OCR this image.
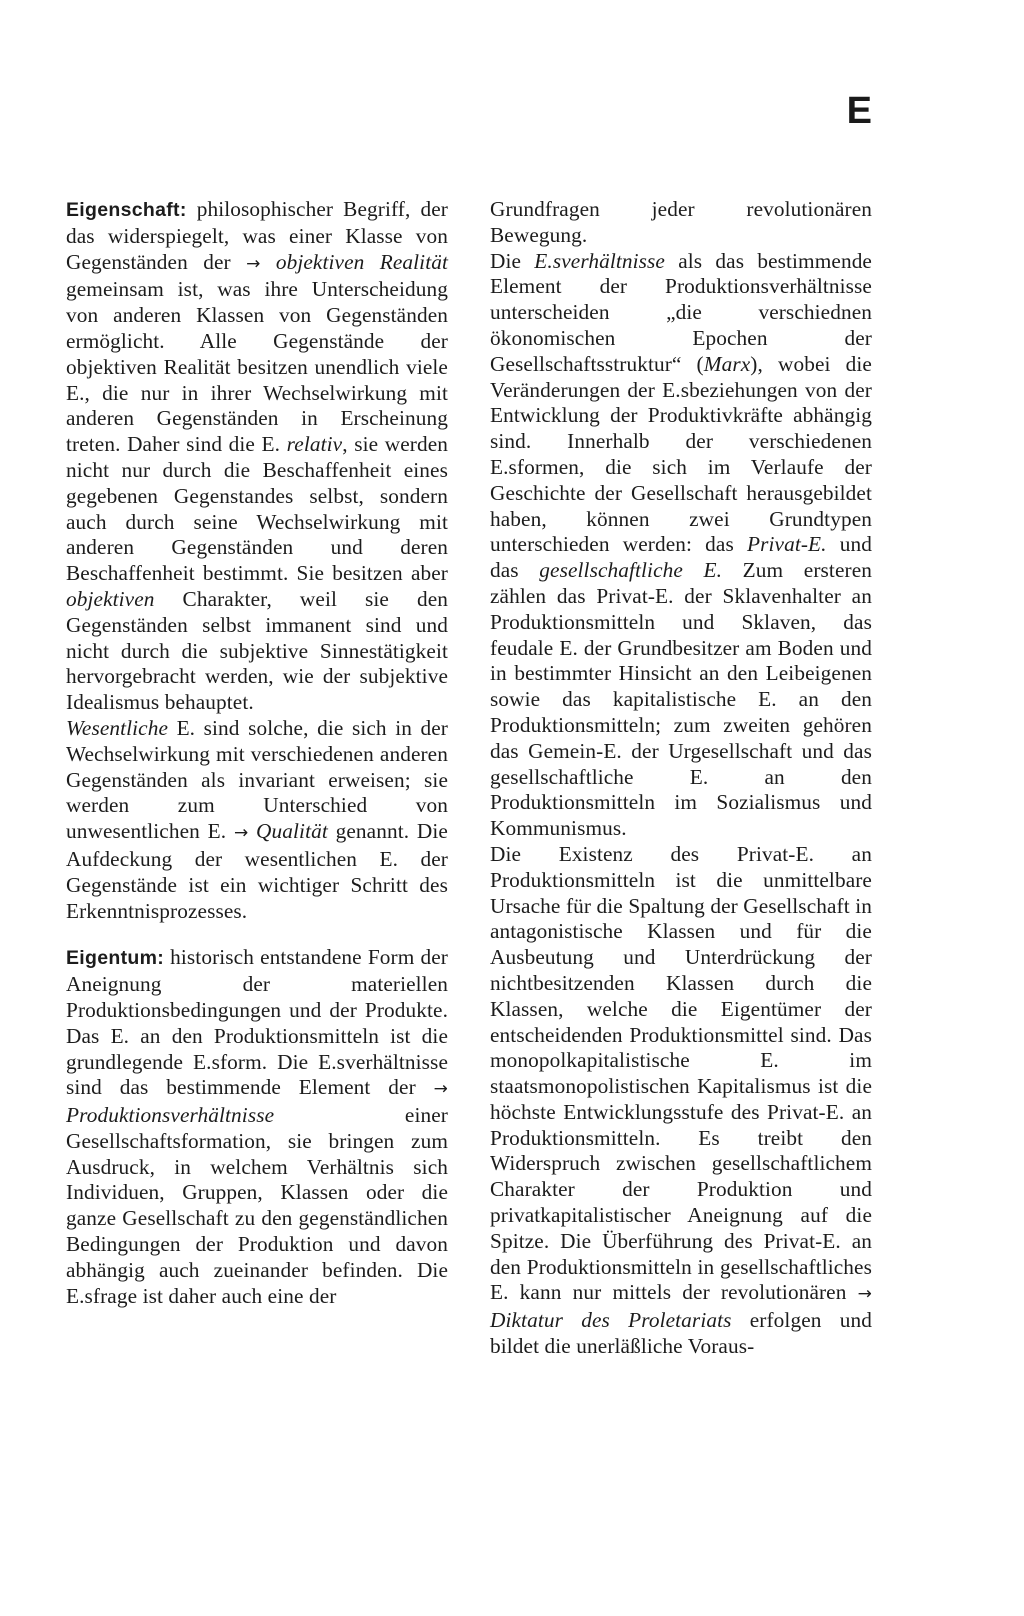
E

Eigenschaft: philosophischer Begriff, der das widerspiegelt, was einer Klasse von Gegenständen der → objektiven Realität gemeinsam ist, was ihre Unterscheidung von anderen Klassen von Gegenständen ermöglicht. Alle Gegenstände der objektiven Realität besitzen unendlich viele E., die nur in ihrer Wechselwirkung mit anderen Gegenständen in Erscheinung treten. Daher sind die E. relativ, sie werden nicht nur durch die Beschaffenheit eines gegebenen Gegenstandes selbst, sondern auch durch seine Wechselwirkung mit anderen Gegenständen und deren Beschaffenheit bestimmt. Sie besitzen aber objektiven Charakter, weil sie den Gegenständen selbst immanent sind und nicht durch die subjektive Sinnestätigkeit hervorgebracht werden, wie der subjektive Idealismus behauptet.

Wesentliche E. sind solche, die sich in der Wechselwirkung mit verschiedenen anderen Gegenständen als invariant erweisen; sie werden zum Unterschied von unwesentlichen E. → Qualität genannt. Die Aufdeckung der wesentlichen E. der Gegenstände ist ein wichtiger Schritt des Erkenntnisprozesses.

Eigentum: historisch entstandene Form der Aneignung der materiellen Produktionsbedingungen und der Produkte. Das E. an den Produktionsmitteln ist die grundlegende E.sform. Die E.sverhältnisse sind das bestimmende Element der → Produktionsverhältnisse einer Gesellschaftsformation, sie bringen zum Ausdruck, in welchem Verhältnis sich Individuen, Gruppen, Klassen oder die ganze Gesellschaft zu den gegenständlichen Bedingungen der Produktion und davon abhängig auch zueinander befinden. Die E.sfrage ist daher auch eine der

Grundfragen jeder revolutionären Bewegung.

Die E.sverhältnisse als das bestimmende Element der Produktionsverhältnisse unterscheiden „die verschiednen ökonomischen Epochen der Gesellschaftsstruktur“ (Marx), wobei die Veränderungen der E.sbeziehungen von der Entwicklung der Produktivkräfte abhängig sind. Innerhalb der verschiedenen E.sformen, die sich im Verlaufe der Geschichte der Gesellschaft herausgebildet haben, können zwei Grundtypen unterschieden werden: das Privat-E. und das gesellschaftliche E. Zum ersteren zählen das Privat-E. der Sklavenhalter an Produktionsmitteln und Sklaven, das feudale E. der Grundbesitzer am Boden und in bestimmter Hinsicht an den Leibeigenen sowie das kapitalistische E. an den Produktionsmitteln; zum zweiten gehören das Gemein-E. der Urgesellschaft und das gesellschaftliche E. an den Produktionsmitteln im Sozialismus und Kommunismus.

Die Existenz des Privat-E. an Produktionsmitteln ist die unmittelbare Ursache für die Spaltung der Gesellschaft in antagonistische Klassen und für die Ausbeutung und Unterdrückung der nichtbesitzenden Klassen durch die Klassen, welche die Eigentümer der entscheidenden Produktionsmittel sind. Das monopolkapitalistische E. im staatsmonopolistischen Kapitalismus ist die höchste Entwicklungsstufe des Privat-E. an Produktionsmitteln. Es treibt den Widerspruch zwischen gesellschaftlichem Charakter der Produktion und privatkapitalistischer Aneignung auf die Spitze. Die Überführung des Privat-E. an den Produktionsmitteln in gesellschaftliches E. kann nur mittels der revolutionären → Diktatur des Proletariats erfolgen und bildet die unerläßliche Voraus-
